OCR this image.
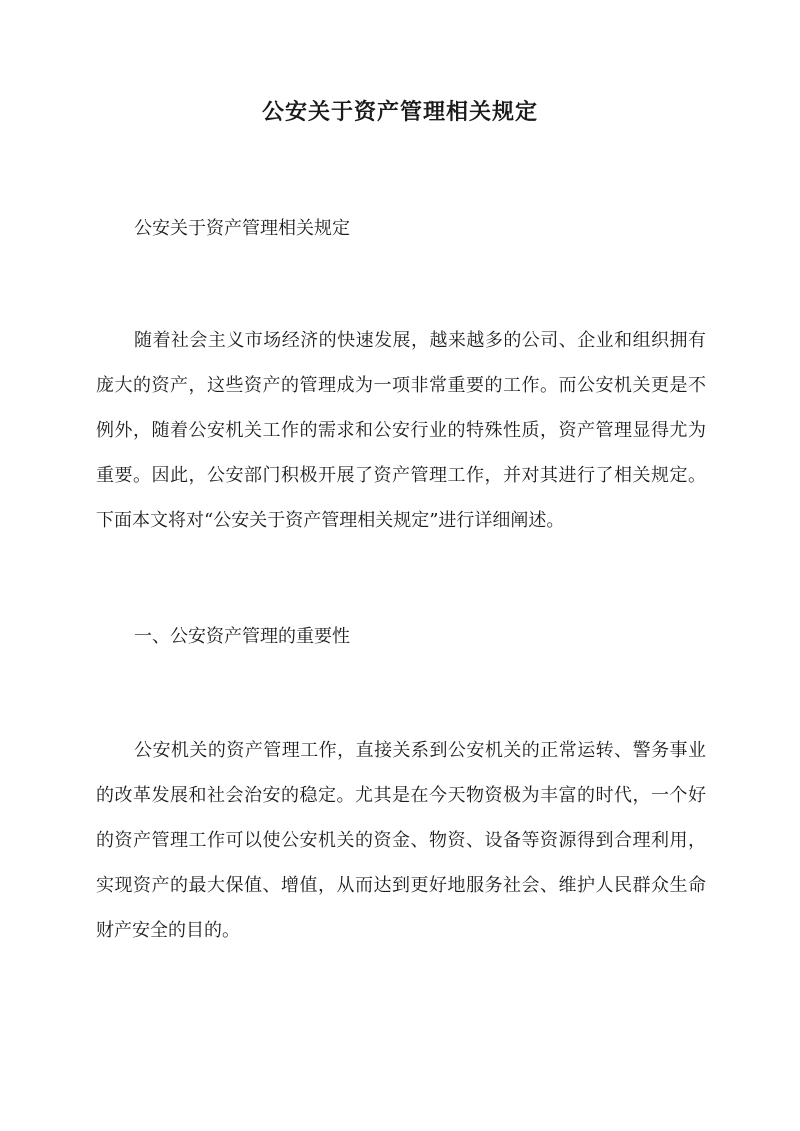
公安关于资产管理相关规定
公安关于资产管理相关规定

随着社会主义市场经济的快速发展，越来越多的公司、企业和组织拥有庞大的资产，这些资产的管理成为一项非常重要的工作。而公安机关更是不例外，随着公安机关工作的需求和公安行业的特殊性质，资产管理显得尤为重要。因此，公安部门积极开展了资产管理工作，并对其进行了相关规定。下面本文将对“公安关于资产管理相关规定”进行详细阐述。

一、公安资产管理的重要性

公安机关的资产管理工作，直接关系到公安机关的正常运转、警务事业的改革发展和社会治安的稳定。尤其是在今天物资极为丰富的时代，一个好的资产管理工作可以使公安机关的资金、物资、设备等资源得到合理利用，实现资产的最大保值、增值，从而达到更好地服务社会、维护人民群众生命财产安全的目的。
